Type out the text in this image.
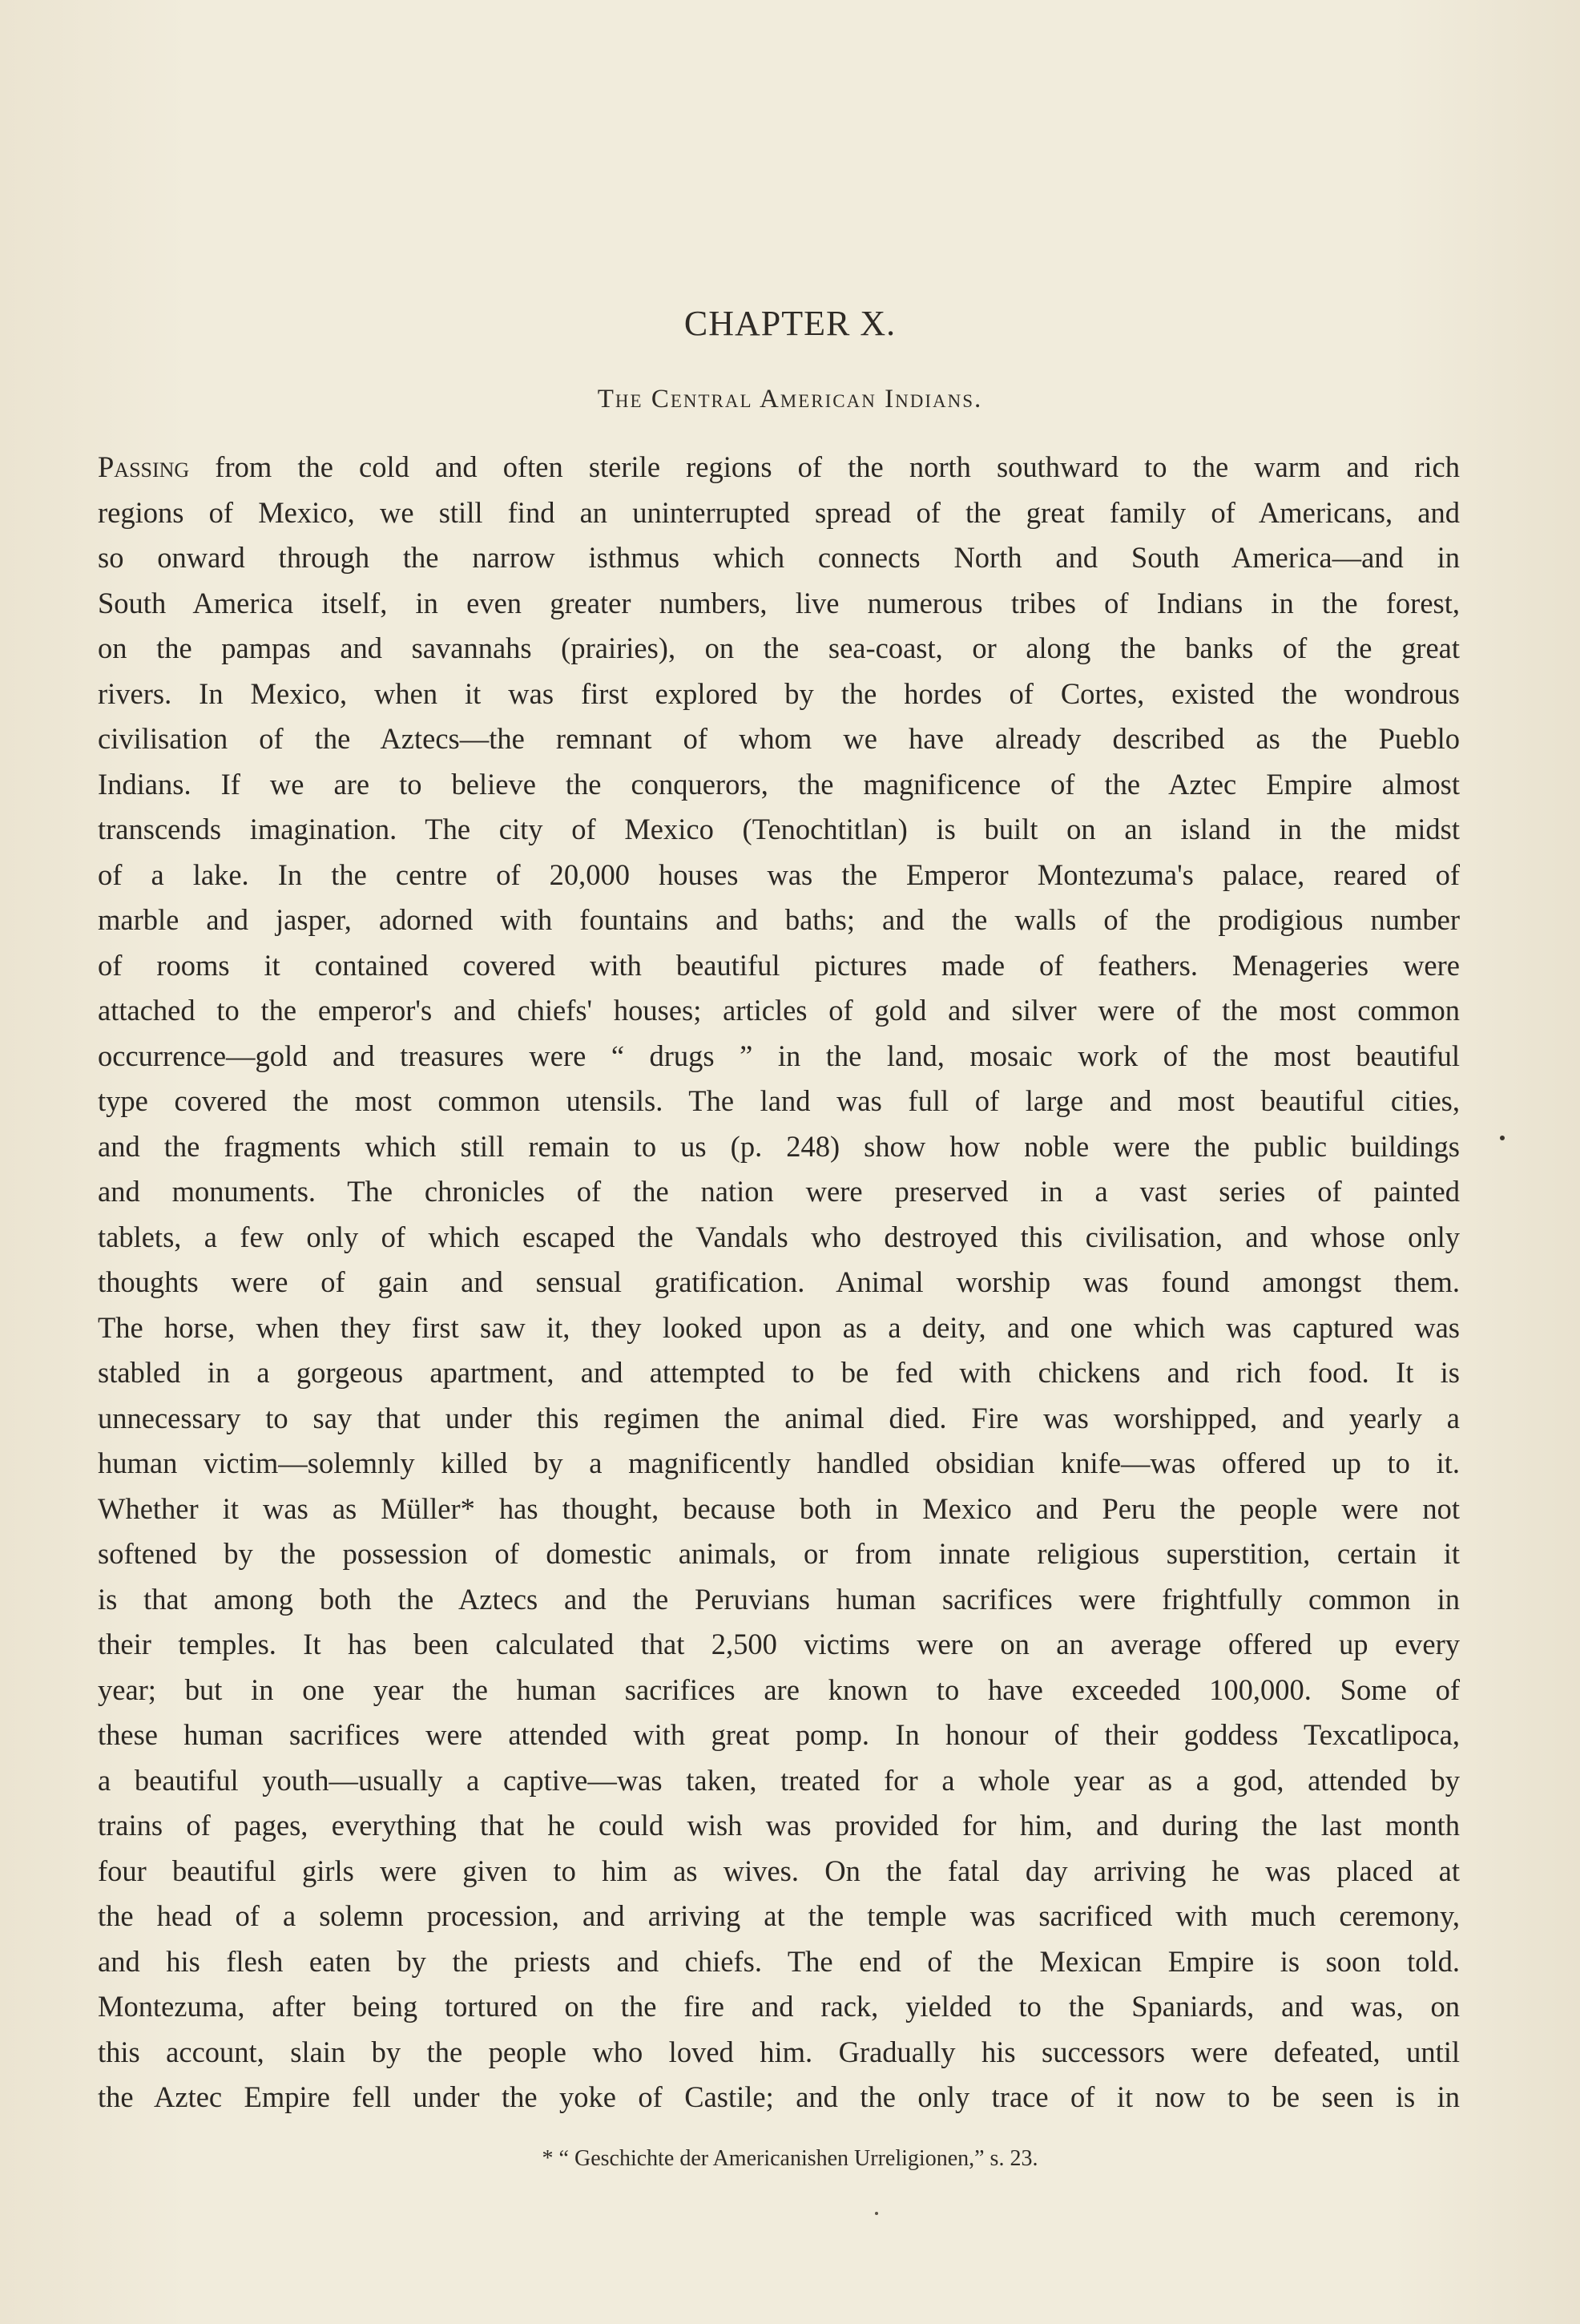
CHAPTER X.
The Central American Indians.
Passing from the cold and often sterile regions of the north southward to the warm and rich
regions of Mexico, we still find an uninterrupted spread of the great family of Americans, and
so onward through the narrow isthmus which connects North and South America—and in
South America itself, in even greater numbers, live numerous tribes of Indians in the forest,
on the pampas and savannahs (prairies), on the sea-coast, or along the banks of the great
rivers. In Mexico, when it was first explored by the hordes of Cortes, existed the wondrous
civilisation of the Aztecs—the remnant of whom we have already described as the Pueblo
Indians. If we are to believe the conquerors, the magnificence of the Aztec Empire almost
transcends imagination. The city of Mexico (Tenochtitlan) is built on an island in the midst
of a lake. In the centre of 20,000 houses was the Emperor Montezuma's palace, reared of
marble and jasper, adorned with fountains and baths; and the walls of the prodigious number
of rooms it contained covered with beautiful pictures made of feathers. Menageries were
attached to the emperor's and chiefs' houses; articles of gold and silver were of the most common
occurrence—gold and treasures were “ drugs ” in the land, mosaic work of the most beautiful
type covered the most common utensils. The land was full of large and most beautiful cities,
and the fragments which still remain to us (p. 248) show how noble were the public buildings
and monuments. The chronicles of the nation were preserved in a vast series of painted
tablets, a few only of which escaped the Vandals who destroyed this civilisation, and whose only
thoughts were of gain and sensual gratification. Animal worship was found amongst them.
The horse, when they first saw it, they looked upon as a deity, and one which was captured was
stabled in a gorgeous apartment, and attempted to be fed with chickens and rich food. It is
unnecessary to say that under this regimen the animal died. Fire was worshipped, and yearly a
human victim—solemnly killed by a magnificently handled obsidian knife—was offered up to it.
Whether it was as Müller* has thought, because both in Mexico and Peru the people were not
softened by the possession of domestic animals, or from innate religious superstition, certain it
is that among both the Aztecs and the Peruvians human sacrifices were frightfully common in
their temples. It has been calculated that 2,500 victims were on an average offered up every
year; but in one year the human sacrifices are known to have exceeded 100,000. Some of
these human sacrifices were attended with great pomp. In honour of their goddess Texcatlipoca,
a beautiful youth—usually a captive—was taken, treated for a whole year as a god, attended by
trains of pages, everything that he could wish was provided for him, and during the last month
four beautiful girls were given to him as wives. On the fatal day arriving he was placed at
the head of a solemn procession, and arriving at the temple was sacrificed with much ceremony,
and his flesh eaten by the priests and chiefs. The end of the Mexican Empire is soon told.
Montezuma, after being tortured on the fire and rack, yielded to the Spaniards, and was, on
this account, slain by the people who loved him. Gradually his successors were defeated, until
the Aztec Empire fell under the yoke of Castile; and the only trace of it now to be seen is in
* “ Geschichte der Americanishen Urreligionen,” s. 23.
